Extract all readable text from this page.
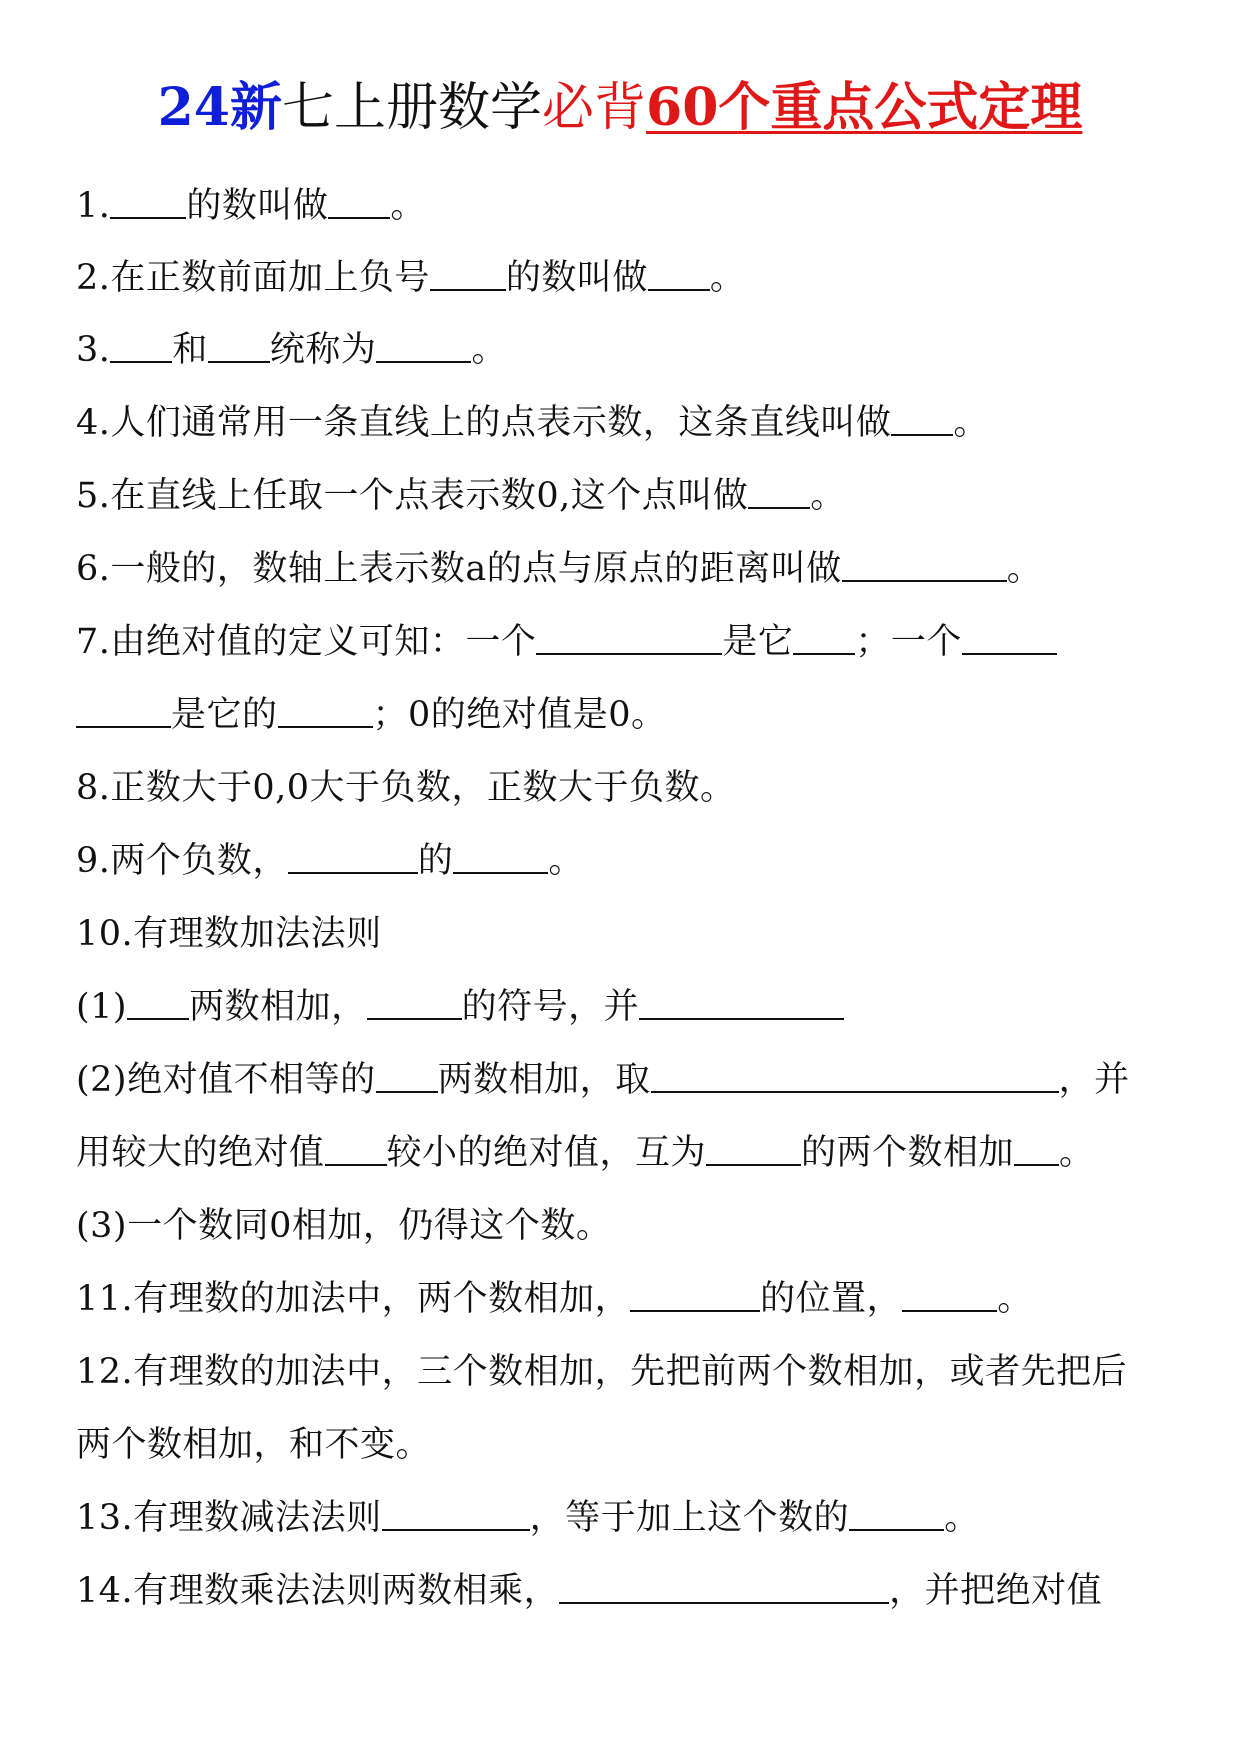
24新七上册数学必背60个重点公式定理
1. 的数叫做 。
2.在正数前面加上负号 的数叫做 。
3. 和 统称为	。
4.人们通常用一条直线上的点表示数，这条直线叫做 。
5.在直线上任取一个点表示数0,这个点叫做 。
6.一般的，数轴上表示数a的点与原点的距离叫做	。
7.由绝对值的定义可知：一个	是它 ；一个
是它的	；0的绝对值是0。
8.正数大于0,0大于负数，正数大于负数。
9.两个负数，	的	。
10.有理数加法法则
(1) 两数相加，	的符号，并
(2)绝对值不相等的 两数相加，取	，并
用较大的绝对值 较小的绝对值，互为	的两个数相加 。
(3)一个数同0相加，仍得这个数。
11.有理数的加法中，两个数相加，	的位置，	。
12.有理数的加法中，三个数相加，先把前两个数相加，或者先把后
两个数相加，和不变。
13.有理数减法法则	，等于加上这个数的	。
14.有理数乘法法则两数相乘，	，并把绝对值
